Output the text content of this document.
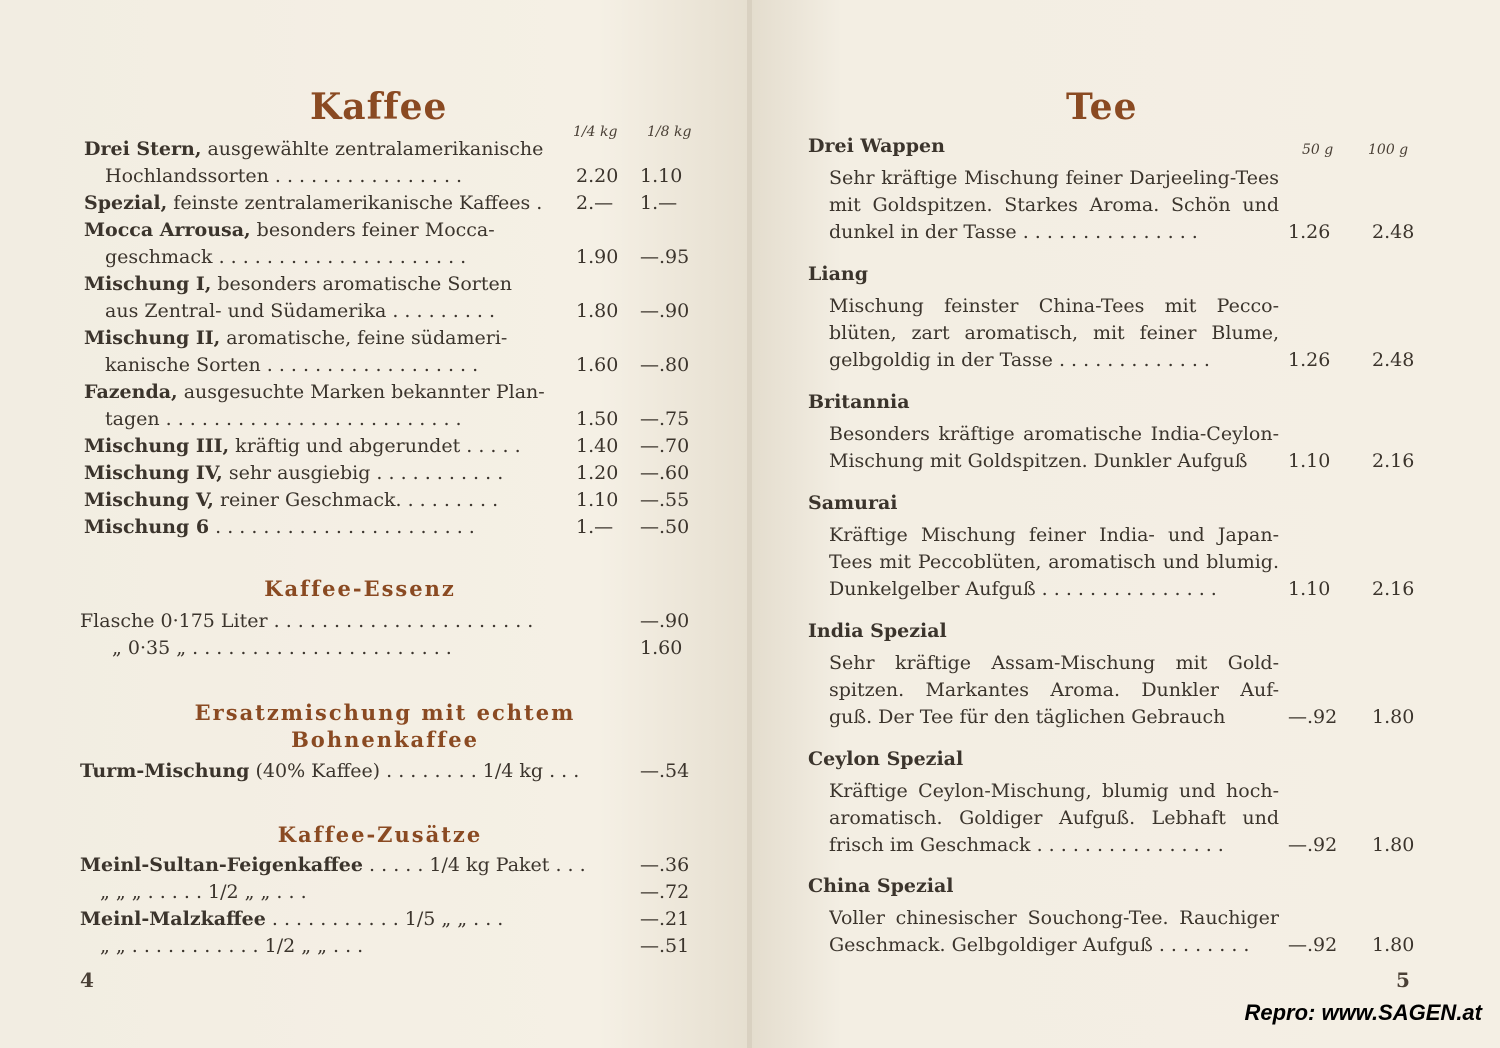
Kaffee
1/4 kg 1/8 kg
Drei Stern, ausgewählte zentralamerikanische
Hochlandssorten . . . . . . . . . . . . . . . .	2.20 1.10
Spezial, feinste zentralamerikanische Kaffees . 2.— 1.—
Mocca Arrousa, besonders feiner Mocca-
geschmack . . . . . . . . . . . . . . . . . . . . .	1.90 —.95
Mischung I, besonders aromatische Sorten
aus Zentral- und Südamerika . . . . . . . . .	1.80 —.90
Mischung II, aromatische, feine südameri-
kanische Sorten . . . . . . . . . . . . . . . . . .	1.60 —.80
Fazenda, ausgesuchte Marken bekannter Plan-
tagen . . . . . . . . . . . . . . . . . . . . . . . . .	1.50 —.75
Mischung III, kräftig und abgerundet . . . . .	1.40 —.70
Mischung IV, sehr ausgiebig . . . . . . . . . . .	1.20 —.60
Mischung V, reiner Geschmack. . . . . . . . .	1.10 —.55
Mischung 6 . . . . . . . . . . . . . . . . . . . . . .	1.— —.50
Kaffee-Essenz
Flasche 0·175 Liter . . . . . . . . . . . . . . . . . . . . . .	—.90
„ 0·35 „ . . . . . . . . . . . . . . . . . . . . . .	1.60
Ersatzmischung mit echtem
Bohnenkaffee
Turm-Mischung (40% Kaffee) . . . . . . . . 1/4 kg . . .	—.54
Kaffee-Zusätze
Meinl-Sultan-Feigenkaffee . . . . . 1/4 kg Paket . . .	—.36
„ „ „ . . . . . 1/2 „ „ . . .	—.72
Meinl-Malzkaffee . . . . . . . . . . . 1/5 „ „ . . .	—.21
„ „ . . . . . . . . . . . 1/2 „ „ . . .	—.51
4
Tee
50 g 100 g
Drei Wappen
Sehr kräftige Mischung feiner Darjeeling-Tees
mit Goldspitzen. Starkes Aroma. Schön und
dunkel in der Tasse . . . . . . . . . . . . . . .	1.26 2.48
Liang
Mischung feinster China-Tees mit Pecco-
blüten, zart aromatisch, mit feiner Blume,
gelbgoldig in der Tasse . . . . . . . . . . . . .	1.26 2.48
Britannia
Besonders kräftige aromatische India-Ceylon-
Mischung mit Goldspitzen. Dunkler Aufguß	1.10 2.16
Samurai
Kräftige Mischung feiner India- und Japan-
Tees mit Peccoblüten, aromatisch und blumig.
Dunkelgelber Aufguß . . . . . . . . . . . . . . .	1.10 2.16
India Spezial
Sehr kräftige Assam-Mischung mit Gold-
spitzen. Markantes Aroma. Dunkler Auf-
guß. Der Tee für den täglichen Gebrauch	—.92 1.80
Ceylon Spezial
Kräftige Ceylon-Mischung, blumig und hoch-
aromatisch. Goldiger Aufguß. Lebhaft und
frisch im Geschmack . . . . . . . . . . . . . . . .	—.92 1.80
China Spezial
Voller chinesischer Souchong-Tee. Rauchiger
Geschmack. Gelbgoldiger Aufguß . . . . . . . .	—.92 1.80
5
Repro: www.SAGEN.at
